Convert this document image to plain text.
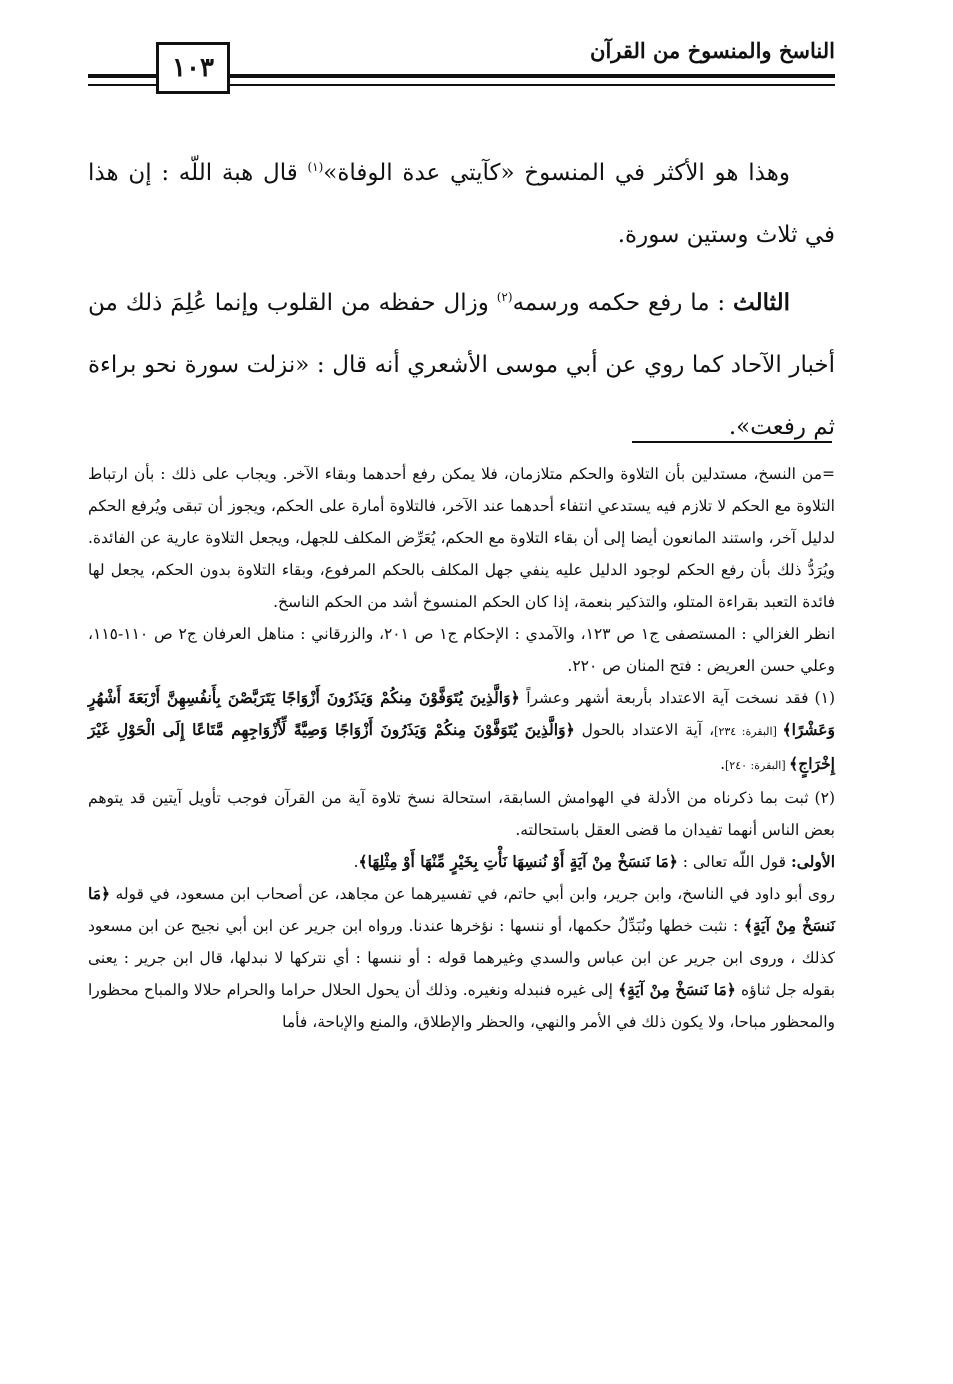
الناسخ والمنسوخ من القرآن
١٠٣

وهذا هو الأكثر في المنسوخ «كآيتي عدة الوفاة»$^{(١)}$ قال هبة اللّه : إن هذا في ثلاث وستين سورة.

الثالث : ما رفع حكمه ورسمه$^{(٢)}$ وزال حفظه من القلوب وإنما عُلِمَ ذلك من أخبار الآحاد كما روي عن أبي موسى الأشعري أنه قال : «نزلت سورة نحو براءة ثم رفعت».

=من النسخ، مستدلين بأن التلاوة والحكم متلازمان، فلا يمكن رفع أحدهما وبقاء الآخر. ويجاب على ذلك : بأن ارتباط التلاوة مع الحكم لا تلازم فيه يستدعي انتفاء أحدهما عند الآخر، فالتلاوة أمارة على الحكم، ويجوز أن تبقى ويُرفع الحكم لدليل آخر، واستند المانعون أيضا إلى أن بقاء التلاوة مع الحكم، يُعَرِّض المكلف للجهل، ويجعل التلاوة عارية عن الفائدة. ويُرَدُّ ذلك بأن رفع الحكم لوجود الدليل عليه ينفي جهل المكلف بالحكم المرفوع، وبقاء التلاوة بدون الحكم، يجعل لها فائدة التعبد بقراءة المتلو، والتذكير بنعمة، إذا كان الحكم المنسوخ أشد من الحكم الناسخ.

انظر الغزالي : المستصفى ج١ ص ١٢٣، والآمدي : الإحكام ج١ ص ٢٠١، والزرقاني : مناهل العرفان ج٢ ص ١١٠-١١٥، وعلي حسن العريض : فتح المنان ص ٢٢٠.

(١)فقد نسخت آية الاعتداد بأربعة أشهر وعشراً ﴿وَالَّذِينَ يُتَوَفَّوْنَ مِنكُمْ وَيَذَرُونَ أَزْوَاجًا يَتَرَبَّصْنَ بِأَنفُسِهِنَّ أَرْبَعَةَ أَشْهُرٍ وَعَشْرًا﴾ [البقرة: ٢٣٤]، آية الاعتداد بالحول ﴿وَالَّذِينَ يُتَوَفَّوْنَ مِنكُمْ وَيَذَرُونَ أَزْوَاجًا وَصِيَّةً لِّأَزْوَاجِهِم مَّتَاعًا إِلَى الْحَوْلِ غَيْرَ إِخْرَاجٍ﴾ [البقرة: ٢٤٠].

(٢)ثبت بما ذكرناه من الأدلة في الهوامش السابقة، استحالة نسخ تلاوة آية من القرآن فوجب تأويل آيتين قد يتوهم بعض الناس أنهما تفيدان ما قضى العقل باستحالته.

الأولى: قول اللّه تعالى : ﴿مَا نَنسَخْ مِنْ آيَةٍ أَوْ نُنسِهَا نَأْتِ بِخَيْرٍ مِّنْهَا أَوْ مِثْلِهَا﴾.

روى أبو داود في الناسخ، وابن جرير، وابن أبي حاتم، في تفسيرهما عن مجاهد، عن أصحاب ابن مسعود، في قوله ﴿مَا نَنسَخْ مِنْ آيَةٍ﴾ : نثبت خطها ونُبَدِّلُ حكمها، أو ننسها : نؤخرها عندنا. ورواه ابن جرير عن ابن أبي نجيح عن ابن مسعود كذلك ، وروى ابن جرير عن ابن عباس والسدي وغيرهما قوله : أو ننسها : أي نتركها لا نبدلها، قال ابن جرير : يعنى بقوله جل ثناؤه ﴿مَا نَنسَخْ مِنْ آيَةٍ﴾ إلى غيره فنبدله ونغيره. وذلك أن يحول الحلال حراما والحرام حلالا والمباح محظورا والمحظور مباحا، ولا يكون ذلك في الأمر والنهي، والحظر والإطلاق، والمنع والإباحة، فأما
